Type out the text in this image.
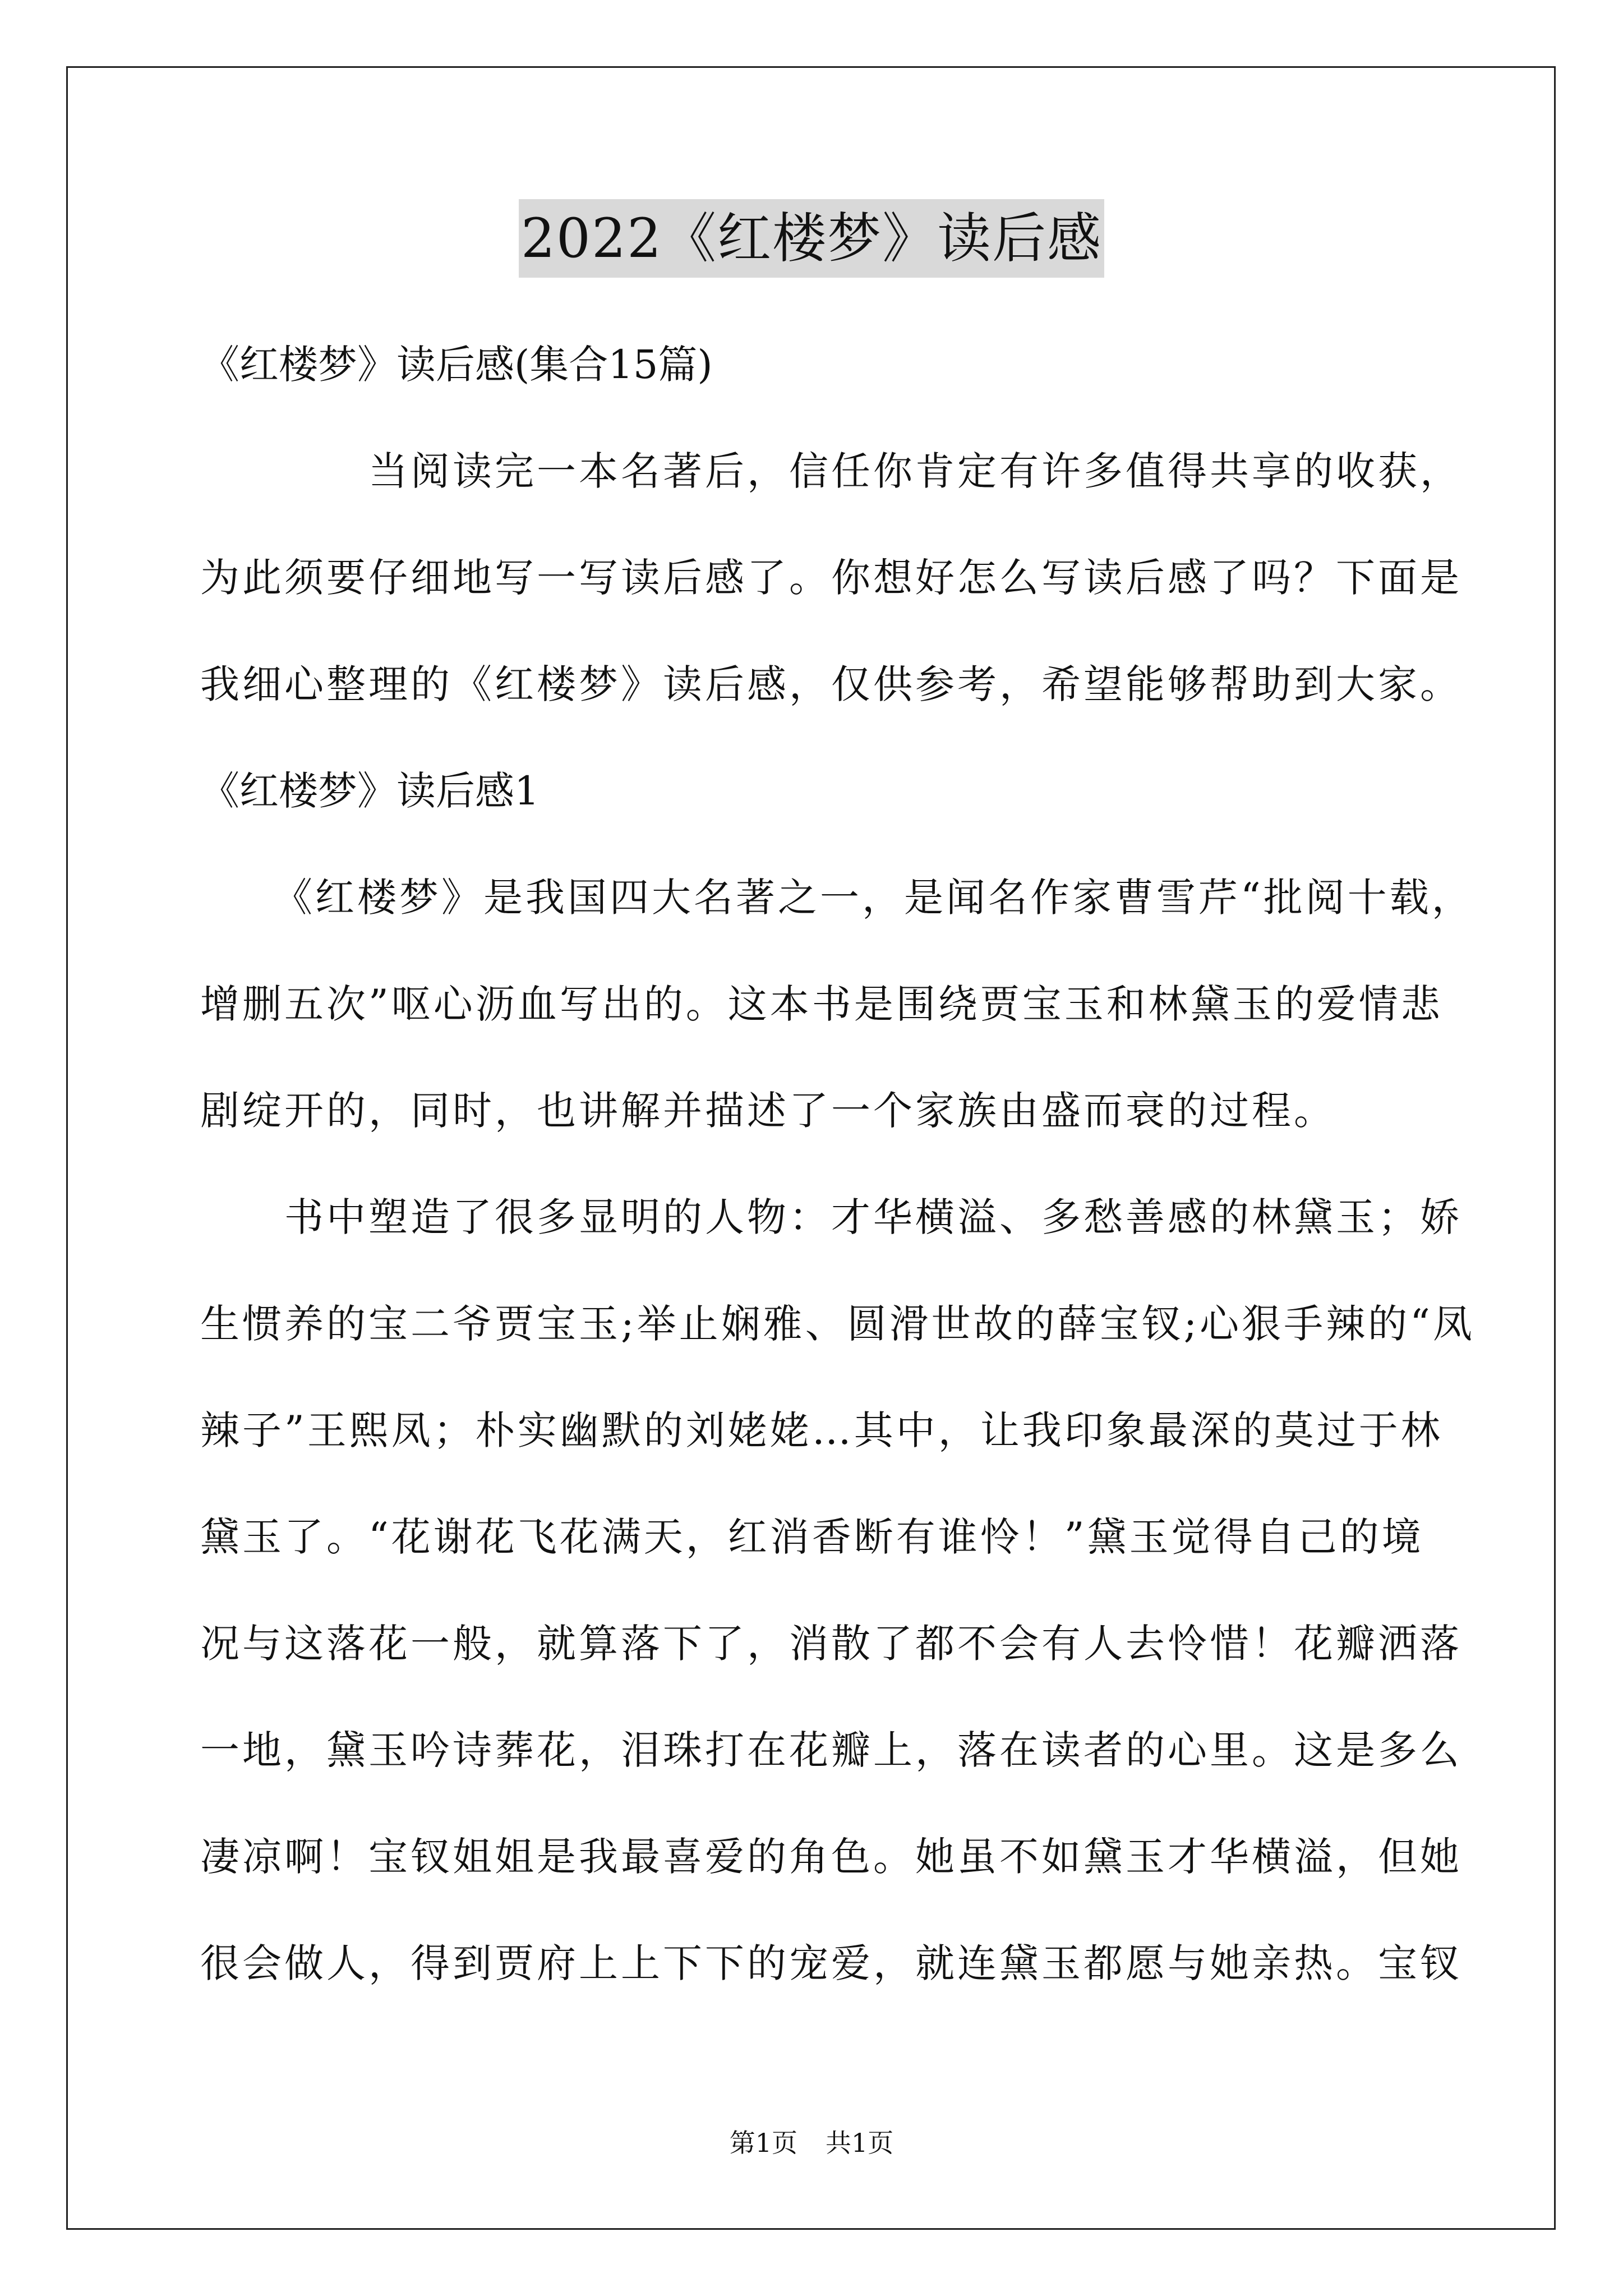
2022《红楼梦》读后感
《红楼梦》读后感(集合15篇)
当阅读完一本名著后，信任你肯定有许多值得共享的收获，
为此须要仔细地写一写读后感了。你想好怎么写读后感了吗？下面是
我细心整理的《红楼梦》读后感，仅供参考，希望能够帮助到大家。
《红楼梦》读后感1
《红楼梦》是我国四大名著之一，是闻名作家曹雪芹“批阅十载，
增删五次”呕心沥血写出的。这本书是围绕贾宝玉和林黛玉的爱情悲
剧绽开的，同时，也讲解并描述了一个家族由盛而衰的过程。
书中塑造了很多显明的人物：才华横溢、多愁善感的林黛玉；娇
生惯养的宝二爷贾宝玉;举止娴雅、圆滑世故的薛宝钗;心狠手辣的“凤
辣子”王熙凤；朴实幽默的刘姥姥…其中，让我印象最深的莫过于林
黛玉了。“花谢花飞花满天，红消香断有谁怜！”黛玉觉得自己的境
况与这落花一般，就算落下了，消散了都不会有人去怜惜！花瓣洒落
一地，黛玉吟诗葬花，泪珠打在花瓣上，落在读者的心里。这是多么
凄凉啊！宝钗姐姐是我最喜爱的角色。她虽不如黛玉才华横溢，但她
很会做人，得到贾府上上下下的宠爱，就连黛玉都愿与她亲热。宝钗
第1页 共1页
